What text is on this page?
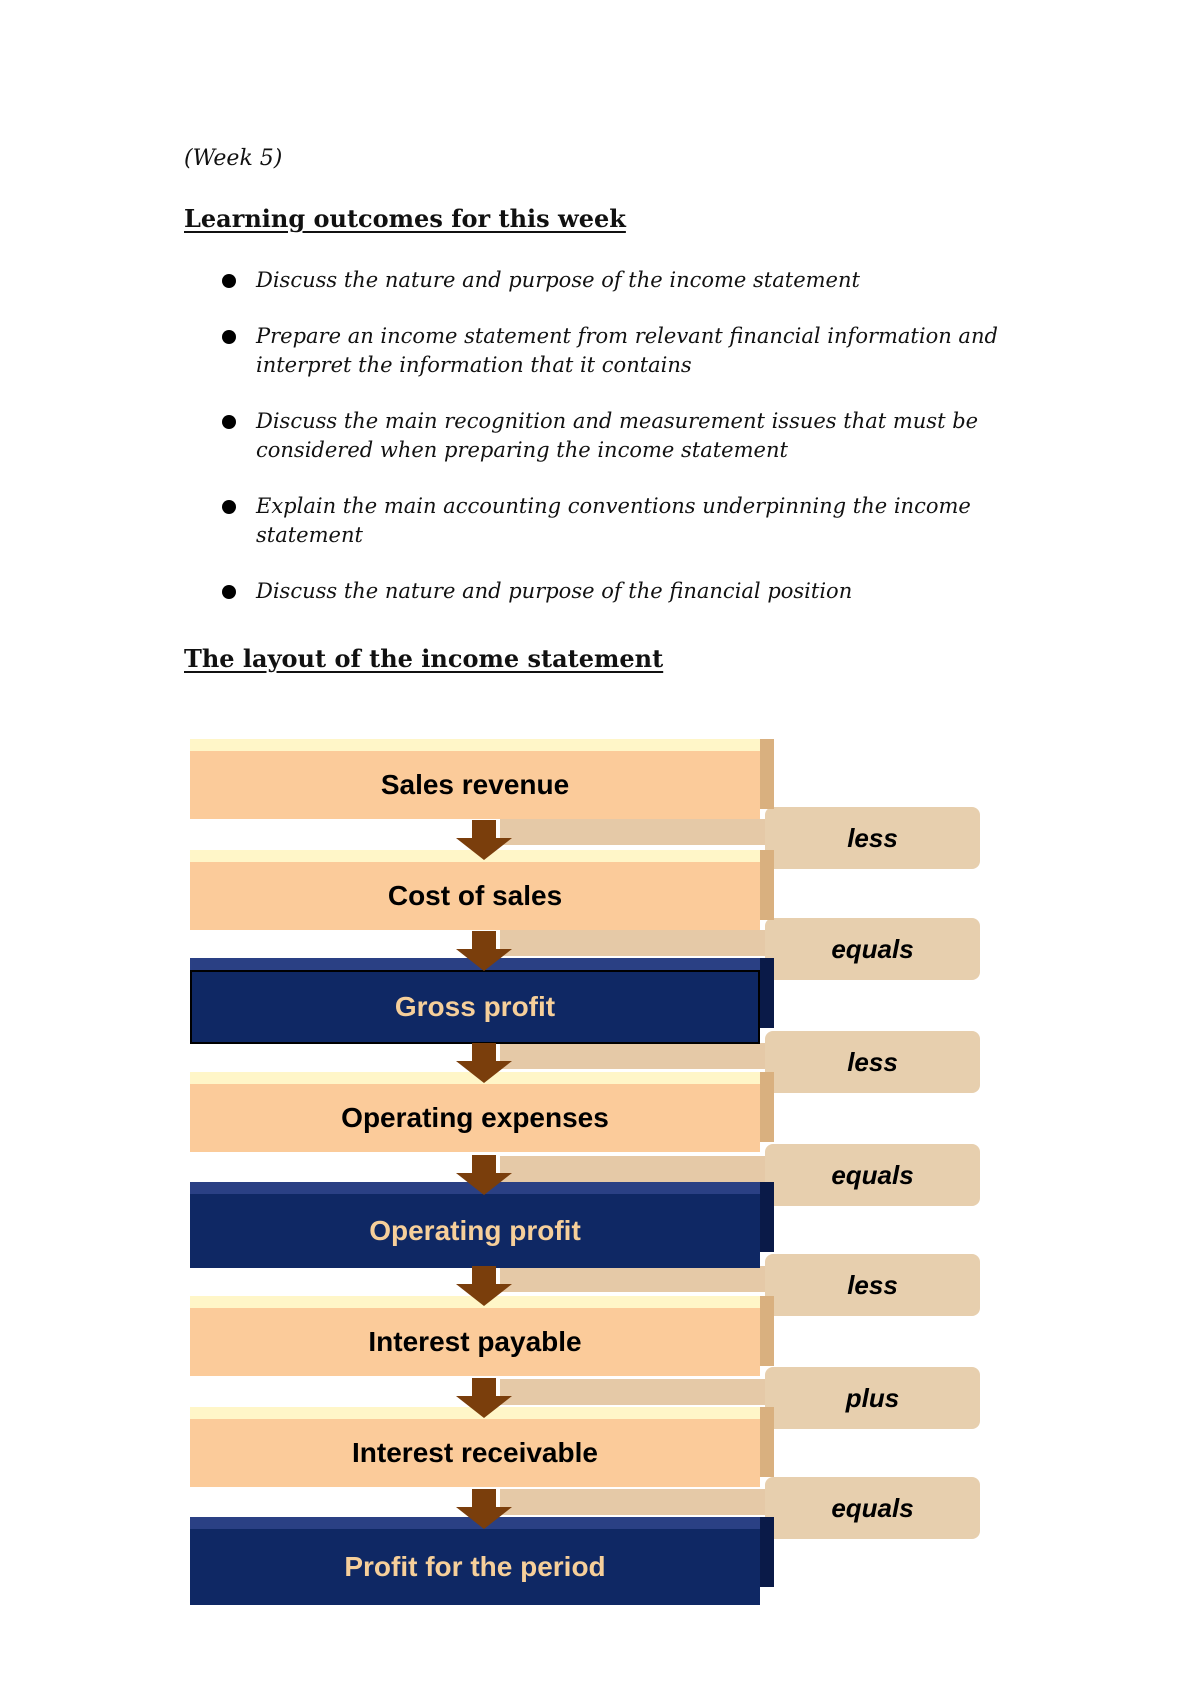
(Week 5)
Learning outcomes for this week
Discuss the nature and purpose of the income statement
Prepare an income statement from relevant financial information and interpret the information that it contains
Discuss the main recognition and measurement issues that must be considered when preparing the income statement
Explain the main accounting conventions underpinning the income statement
Discuss the nature and purpose of the financial position
The layout of the income statement
less
equals
less
equals
less
plus
equals
Sales revenue
Cost of sales
Gross profit
Operating expenses
Operating profit
Interest payable
Interest receivable
Profit for the period
